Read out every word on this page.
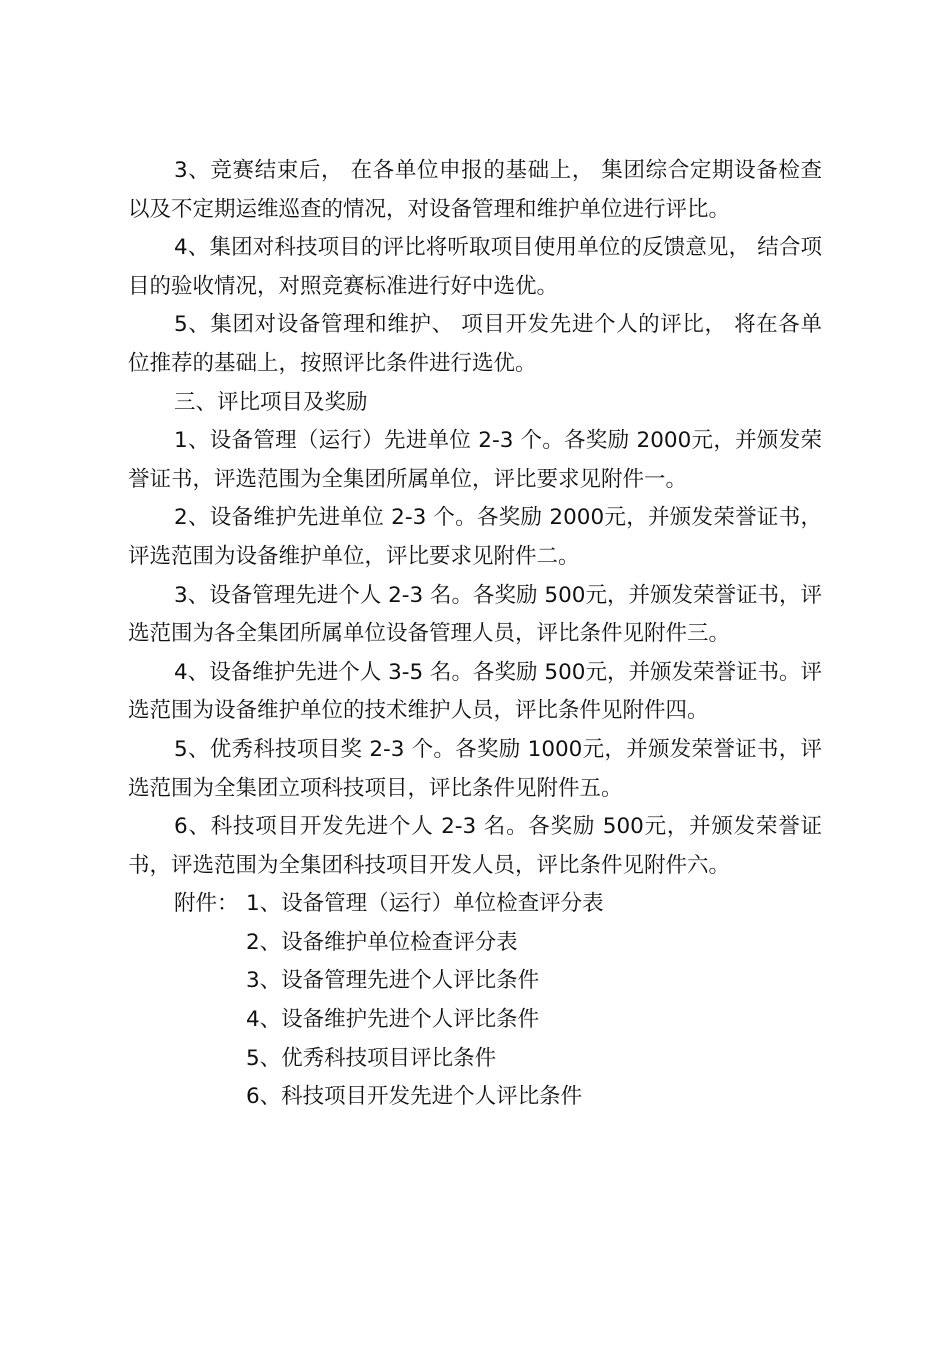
3、竞赛结束后， 在各单位申报的基础上， 集团综合定期设备检查以及不定期运维巡查的情况，对设备管理和维护单位进行评比。

4、集团对科技项目的评比将听取项目使用单位的反馈意见， 结合项目的验收情况，对照竞赛标准进行好中选优。

5、集团对设备管理和维护、 项目开发先进个人的评比， 将在各单位推荐的基础上，按照评比条件进行选优。

三、评比项目及奖励

1、设备管理（运行）先进单位 2-3 个。各奖励 2000元，并颁发荣誉证书，评选范围为全集团所属单位，评比要求见附件一。

2、设备维护先进单位 2-3 个。各奖励 2000元，并颁发荣誉证书，评选范围为设备维护单位，评比要求见附件二。

3、设备管理先进个人 2-3 名。各奖励 500元，并颁发荣誉证书，评选范围为各全集团所属单位设备管理人员，评比条件见附件三。

4、设备维护先进个人 3-5 名。各奖励 500元，并颁发荣誉证书。评选范围为设备维护单位的技术维护人员，评比条件见附件四。

5、优秀科技项目奖 2-3 个。各奖励 1000元，并颁发荣誉证书，评选范围为全集团立项科技项目，评比条件见附件五。

6、科技项目开发先进个人 2-3 名。各奖励 500元，并颁发荣誉证书，评选范围为全集团科技项目开发人员，评比条件见附件六。

附件： 1、设备管理（运行）单位检查评分表
2、设备维护单位检查评分表
3、设备管理先进个人评比条件
4、设备维护先进个人评比条件
5、优秀科技项目评比条件
6、科技项目开发先进个人评比条件
